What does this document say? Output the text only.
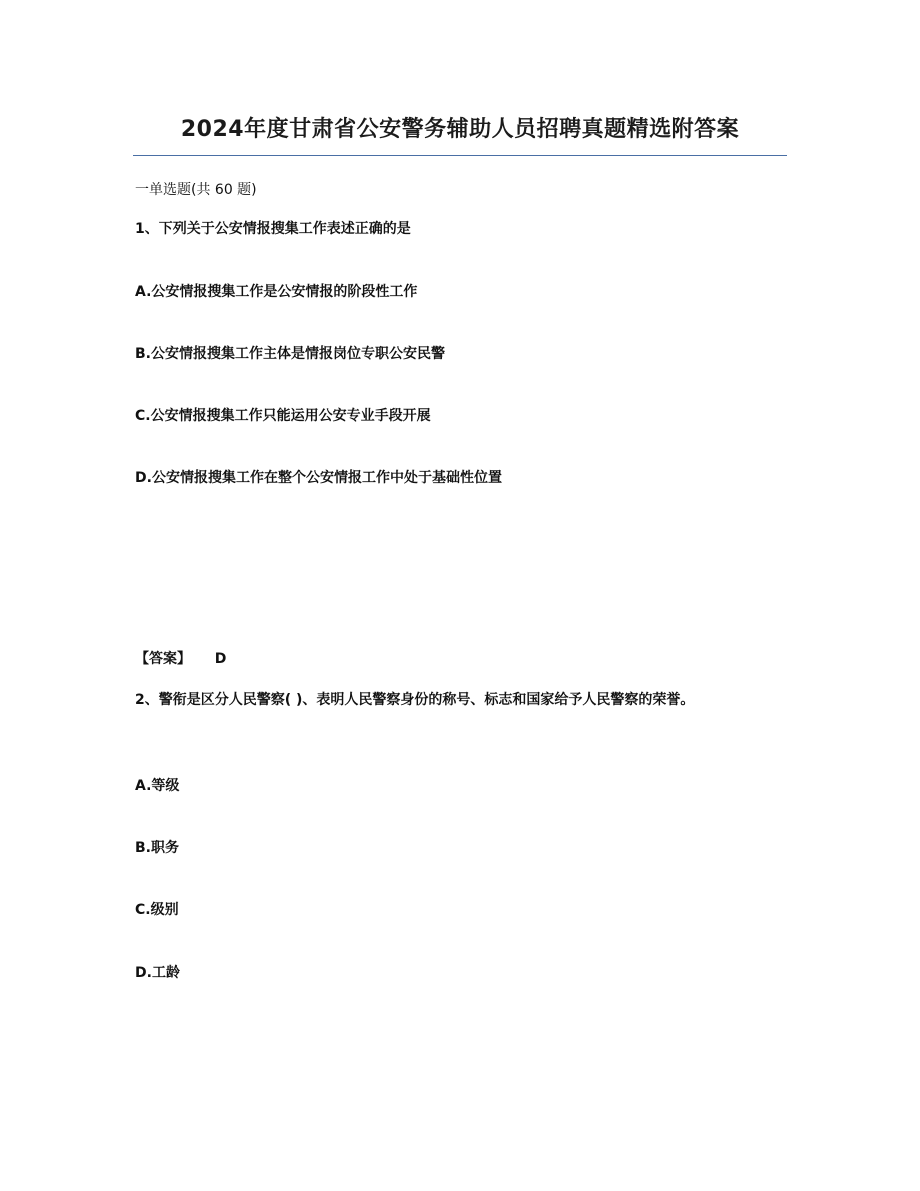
2024年度甘肃省公安警务辅助人员招聘真题精选附答案
一单选题(共 60 题)
1、下列关于公安情报搜集工作表述正确的是
A.公安情报搜集工作是公安情报的阶段性工作
B.公安情报搜集工作主体是情报岗位专职公安民警
C.公安情报搜集工作只能运用公安专业手段开展
D.公安情报搜集工作在整个公安情报工作中处于基础性位置
【答案】 D
2、警衔是区分人民警察( )、表明人民警察身份的称号、标志和国家给予人民警察的荣誉。
A.等级
B.职务
C.级别
D.工龄
